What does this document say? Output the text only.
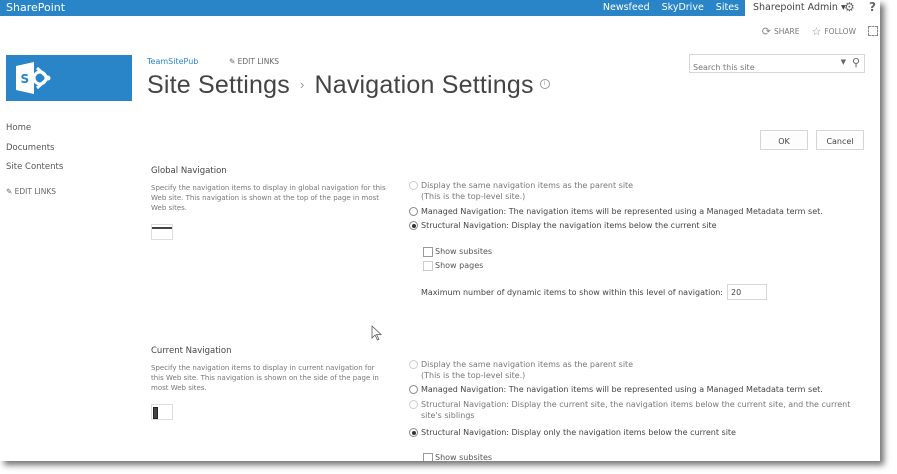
SharePoint	Newsfeed SkyDrive Sites Sharepoint Admin ▾
⚙ ?
⟳ SHARE ☆ FOLLOW
S
TeamSitePub	✎ EDIT LINKS
Site Settings › Navigation Settings i
Search this site
▼ ⚲
Home
Documents
Site Contents
✎ EDIT LINKS
OK	Cancel
Global Navigation
Specify the navigation items to display in global navigation for this Web site. This navigation is shown at the top of the page in most Web sites.
Display the same navigation items as the parent site
(This is the top-level site.)
Managed Navigation: The navigation items will be represented using a Managed Metadata term set.
Structural Navigation: Display the navigation items below the current site
Show subsites
Show pages
Maximum number of dynamic items to show within this level of navigation:
20
Current Navigation
Specify the navigation items to display in current navigation for this Web site. This navigation is shown on the side of the page in most Web sites.
Display the same navigation items as the parent site
(This is the top-level site.)
Managed Navigation: The navigation items will be represented using a Managed Metadata term set.
Structural Navigation: Display the current site, the navigation items below the current site, and the current
site's siblings
Structural Navigation: Display only the navigation items below the current site
Show subsites
